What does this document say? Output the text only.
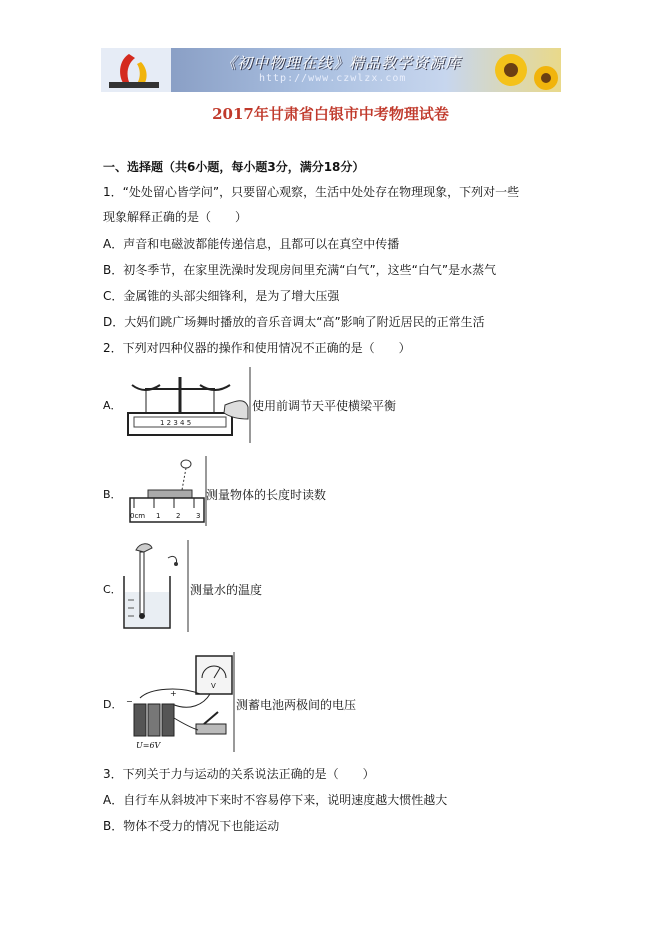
《初中物理在线》精品教学资源库
http://www.czwlzx.com
2017年甘肃省白银市中考物理试卷
一、选择题（共6小题，每小题3分，满分18分）
1．“处处留心皆学问”，只要留心观察，生活中处处存在物理现象，下列对一些
现象解释正确的是（　　）
A．声音和电磁波都能传递信息，且都可以在真空中传播
B．初冬季节，在家里洗澡时发现房间里充满“白气”，这些“白气”是水蒸气
C．金属锥的头部尖细锋利，是为了增大压强
D．大妈们跳广场舞时播放的音乐音调太“高”影响了附近居民的正常生活
2．下列对四种仪器的操作和使用情况不正确的是（　　）
A．
1 2 3 4 5
使用前调节天平使横梁平衡
B．
0cm 1 2 3
测量物体的长度时读数
C．	测量水的温度
D．
V
+
−
U=6V
测蓄电池两极间的电压
3．下列关于力与运动的关系说法正确的是（　　）
A．自行车从斜坡冲下来时不容易停下来，说明速度越大惯性越大
B．物体不受力的情况下也能运动
